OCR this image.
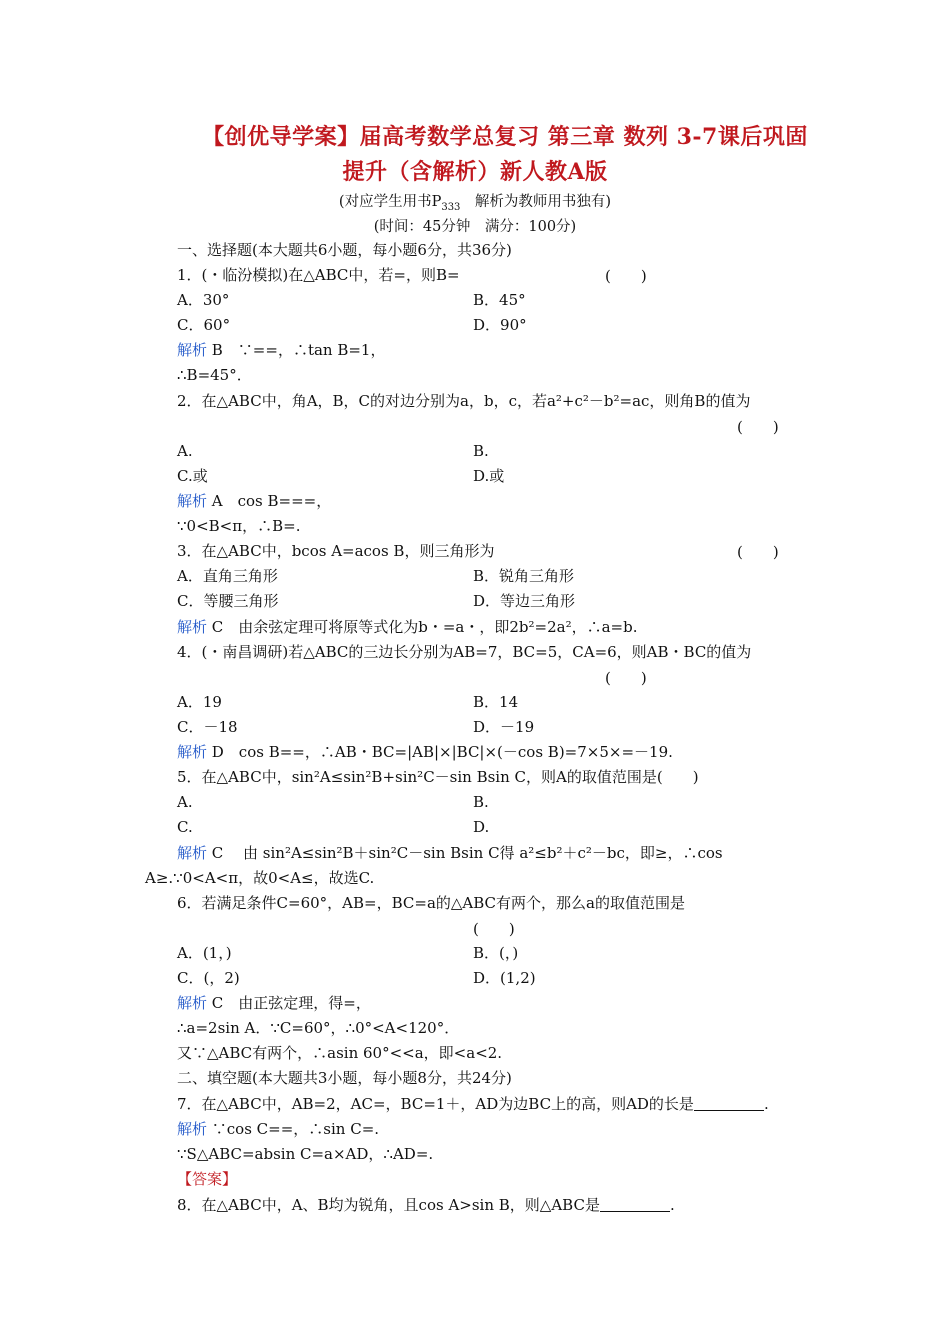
【创优导学案】届高考数学总复习 第三章 数列 3-7课后巩固
提升（含解析）新人教A版
(对应学生用书$P_{333}$　解析为教师用书独有)
(时间：45分钟　满分：100分)
一、选择题(本大题共6小题，每小题6分，共36分)
1．(・临汾模拟)在△ABC中，若=，则B=	(　　)
A．30°	B．45°
C．60°	D．90°
解析 B　∵==，∴tan B=1，
∴B=45°．
2．在△ABC中，角A，B，C的对边分别为a，b，c，若a²+c²－b²=ac，则角B的值为
(　　)
A.	B.
C.或	D.或
解析 A　cos B===，
∵0<B<π，∴B=.
3．在△ABC中，bcos A=acos B，则三角形为	(　　)
A．直角三角形	B．锐角三角形
C．等腰三角形	D．等边三角形
解析 C　由余弦定理可将原等式化为b・=a・，即2b²=2a²，∴a=b.
4．(・南昌调研)若△ABC的三边长分别为AB=7，BC=5，CA=6，则AB・BC的值为
(　　)
A．19	B．14
C．－18	D．－19
解析 D　cos B==，∴AB・BC=|AB|×|BC|×(－cos B)=7×5×=－19.
5．在△ABC中，sin²A≤sin²B+sin²C－sin Bsin C，则A的取值范围是(　　)
A.	B.
C.	D.
解析 C　 由 sin²A≤sin²B＋sin²C－sin Bsin C得 a²≤b²＋c²－bc，即≥，∴cos
A≥.∵0<A<π，故0<A≤，故选C.
6．若满足条件C=60°，AB=，BC=a的△ABC有两个，那么a的取值范围是
(　　)
A．(1，)	B．(，)
C．(，2)	D．(1,2)
解析 C　由正弦定理，得=，
∴a=2sin A．∵C=60°，∴0°<A<120°．
又∵△ABC有两个，∴asin 60°<<a，即<a<2.
二、填空题(本大题共3小题，每小题8分，共24分)
7．在△ABC中，AB=2，AC=，BC=1＋，AD为边BC上的高，则AD的长是	.
解析 ∵cos C==，∴sin C=.
∵S△ABC=absin C=a×AD，∴AD=.
【答案】
8．在△ABC中，A、B均为锐角，且cos A>sin B，则△ABC是	.
